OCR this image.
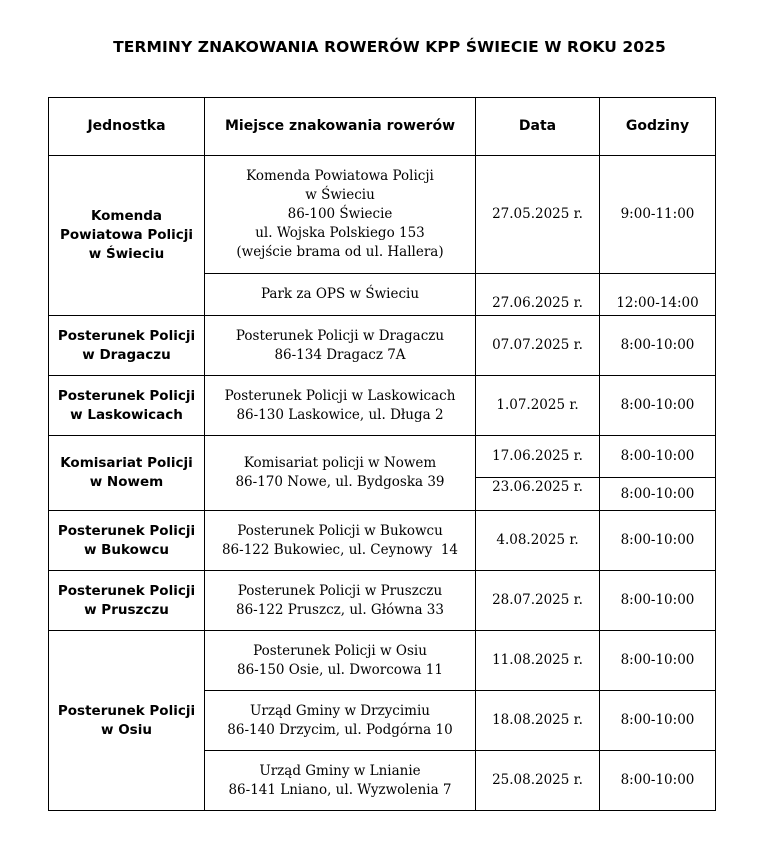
TERMINY ZNAKOWANIA ROWERÓW KPP ŚWIECIE W ROKU 2025
Jednostka	Miejsce znakowania rowerów	Data	Godziny

Komenda
Powiatowa Policji
w Świeciu	Komenda Powiatowa Policji
w Świeciu
86-100 Świecie
ul. Wojska Polskiego 153
(wejście brama od ul. Hallera)	27.05.2025 r.	9:00-11:00

	Park za OPS w Świeciu	27.06.2025 r.	12:00-14:00

Posterunek Policji
w Dragaczu	Posterunek Policji w Dragaczu
86-134 Dragacz 7A	07.07.2025 r.	8:00-10:00

Posterunek Policji
w Laskowicach	Posterunek Policji w Laskowicach
86-130 Laskowice, ul. Długa 2	1.07.2025 r.	8:00-10:00

Komisariat Policji
w Nowem	Komisariat policji w Nowem
86-170 Nowe, ul. Bydgoska 39	17.06.2025 r.	8:00-10:00
		23.06.2025 r.	8:00-10:00

Posterunek Policji
w Bukowcu	Posterunek Policji w Bukowcu
86-122 Bukowiec, ul. Ceynowy  14	4.08.2025 r.	8:00-10:00

Posterunek Policji
w Pruszczu	Posterunek Policji w Pruszczu
86-122 Pruszcz, ul. Główna 33	28.07.2025 r.	8:00-10:00

Posterunek Policji
w Osiu	Posterunek Policji w Osiu
86-150 Osie, ul. Dworcowa 11	11.08.2025 r.	8:00-10:00

	Urząd Gminy w Drzycimiu
86-140 Drzycim, ul. Podgórna 10	18.08.2025 r.	8:00-10:00

	Urząd Gminy w Lnianie
86-141 Lniano, ul. Wyzwolenia 7	25.08.2025 r.	8:00-10:00
